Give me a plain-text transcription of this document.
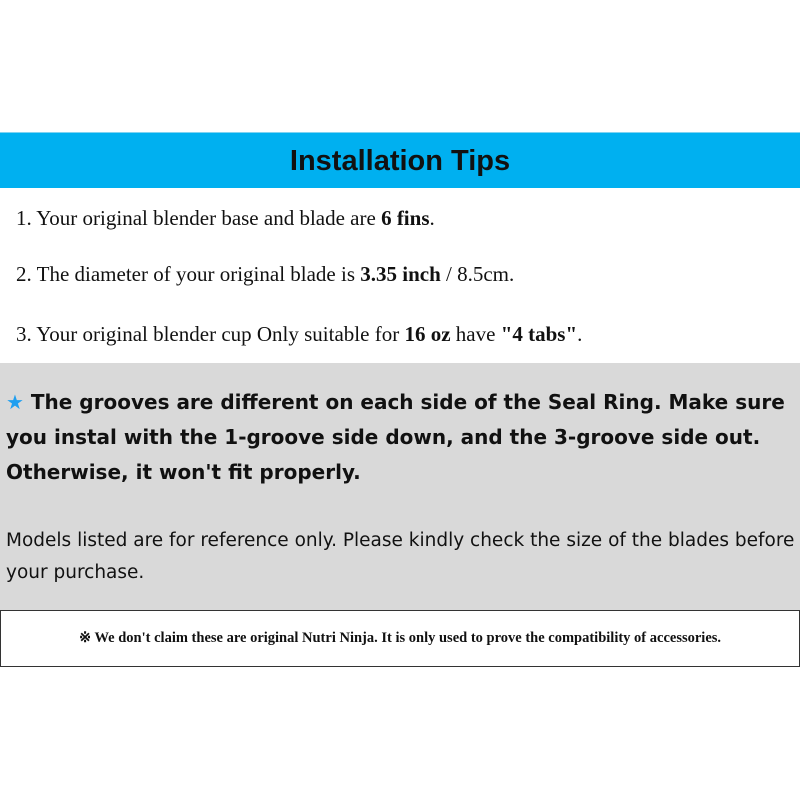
Installation Tips
1. Your original blender base and blade are 6 fins.
2. The diameter of your original blade is 3.35 inch / 8.5cm.
3. Your original blender cup Only suitable for 16 oz have "4 tabs".
★ The grooves are different on each side of the Seal Ring. Make sure you instal with the 1-groove side down, and the 3-groove side out. Otherwise, it won't fit properly.
Models listed are for reference only. Please kindly check the size of the blades before your purchase.
※ We don't claim these are original Nutri Ninja. It is only used to prove the compatibility of accessories.
